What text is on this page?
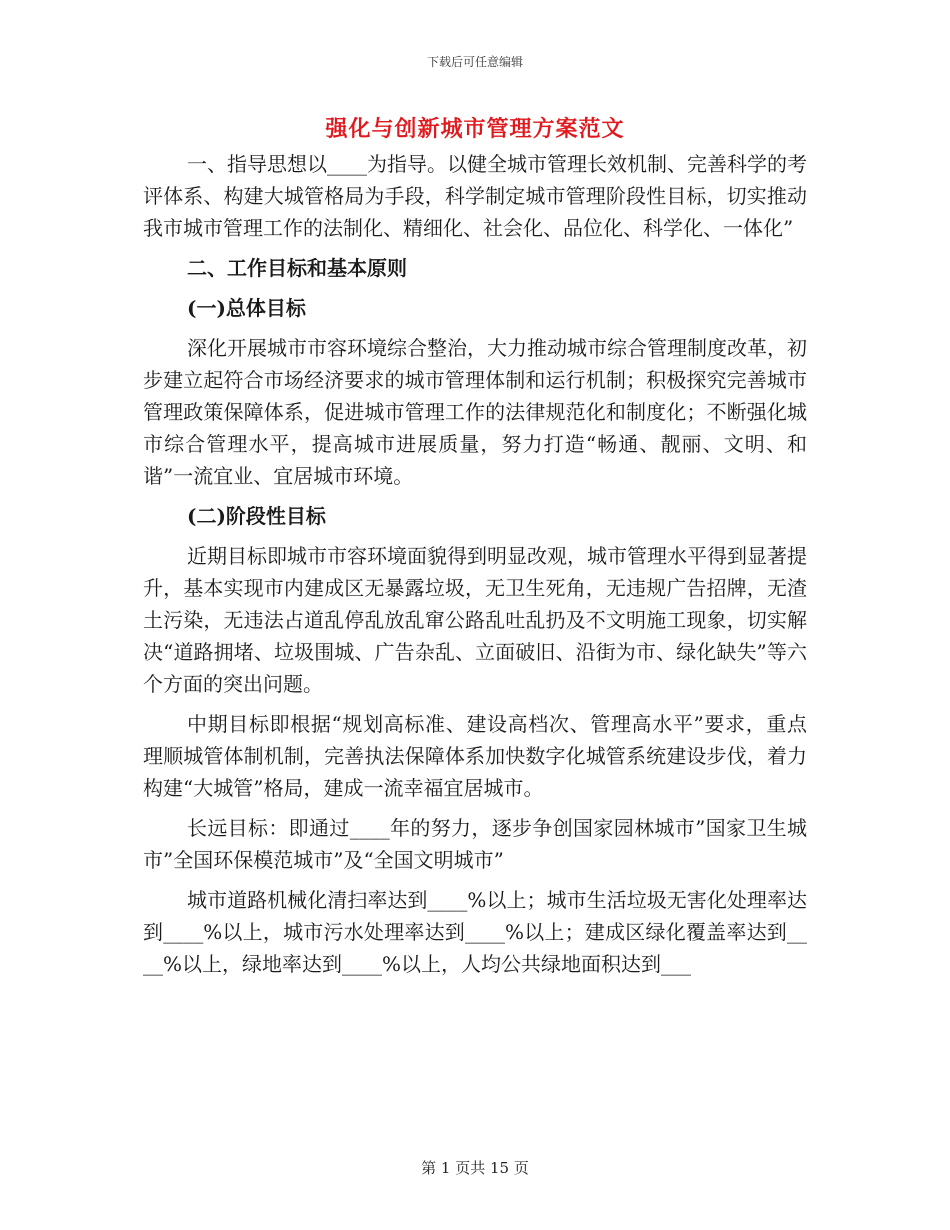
下载后可任意编辑
强化与创新城市管理方案范文

一、指导思想以____为指导。以健全城市管理长效机制、完善科学的考评体系、构建大城管格局为手段，科学制定城市管理阶段性目标，切实推动我市城市管理工作的法制化、精细化、社会化、品位化、科学化、一体化”

二、工作目标和基本原则

(一)总体目标

深化开展城市市容环境综合整治，大力推动城市综合管理制度改革，初步建立起符合市场经济要求的城市管理体制和运行机制；积极探究完善城市管理政策保障体系，促进城市管理工作的法律规范化和制度化；不断强化城市综合管理水平，提高城市进展质量，努力打造“畅通、靓丽、文明、和谐”一流宜业、宜居城市环境。

(二)阶段性目标

近期目标即城市市容环境面貌得到明显改观，城市管理水平得到显著提升，基本实现市内建成区无暴露垃圾，无卫生死角，无违规广告招牌，无渣土污染，无违法占道乱停乱放乱窜公路乱吐乱扔及不文明施工现象，切实解决“道路拥堵、垃圾围城、广告杂乱、立面破旧、沿街为市、绿化缺失”等六个方面的突出问题。

中期目标即根据“规划高标准、建设高档次、管理高水平”要求，重点理顺城管体制机制，完善执法保障体系加快数字化城管系统建设步伐，着力构建“大城管”格局，建成一流幸福宜居城市。

长远目标：即通过____年的努力，逐步争创国家园林城市”国家卫生城市”全国环保模范城市”及“全国文明城市”

城市道路机械化清扫率达到____%以上；城市生活垃圾无害化处理率达到____%以上，城市污水处理率达到____%以上；建成区绿化覆盖率达到____%以上，绿地率达到____%以上，人均公共绿地面积达到___

第 1 页共 15 页
